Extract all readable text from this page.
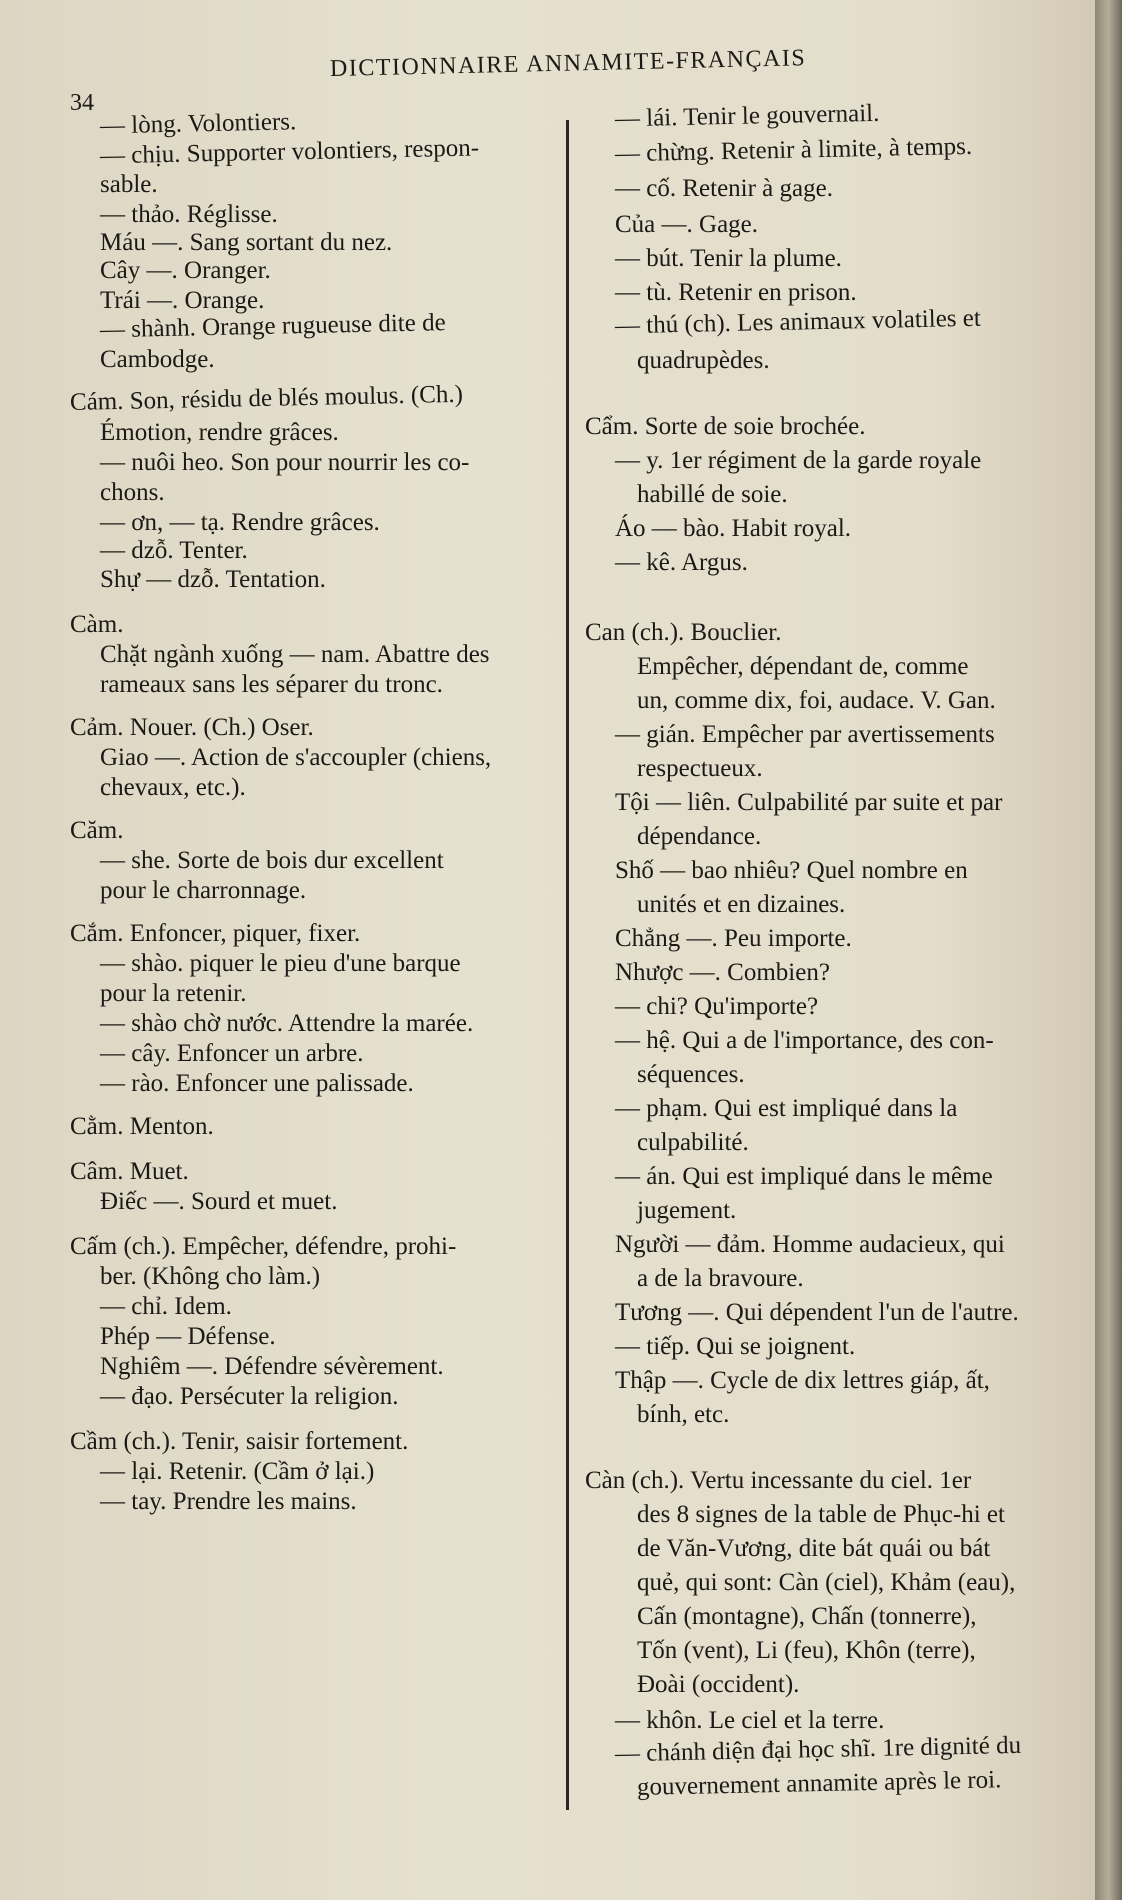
34
DICTIONNAIRE ANNAMITE-FRANÇAIS
— lòng. Volontiers.
— chịu. Supporter volontiers, respon-
sable.
— thảo. Réglisse.
Máu —. Sang sortant du nez.
Cây —. Oranger.
Trái —. Orange.
— shành. Orange rugueuse dite de
Cambodge.
Cám. Son, résidu de blés moulus. (Ch.)
Émotion, rendre grâces.
— nuôi heo. Son pour nourrir les co-
chons.
— ơn, — tạ. Rendre grâces.
— dzỗ. Tenter.
Shự — dzỗ. Tentation.
Càm.
Chặt ngành xuống — nam. Abattre des
rameaux sans les séparer du tronc.
Cảm. Nouer. (Ch.) Oser.
Giao —. Action de s'accoupler (chiens,
chevaux, etc.).
Căm.
— she. Sorte de bois dur excellent
pour le charronnage.
Cắm. Enfoncer, piquer, fixer.
— shào. piquer le pieu d'une barque
pour la retenir.
— shào chờ nước. Attendre la marée.
— cây. Enfoncer un arbre.
— rào. Enfoncer une palissade.
Cằm. Menton.
Câm. Muet.
Điếc —. Sourd et muet.
Cấm (ch.). Empêcher, défendre, prohi-
ber. (Không cho làm.)
— chỉ. Idem.
Phép — Défense.
Nghiêm —. Défendre sévèrement.
— đạo. Persécuter la religion.
Cầm (ch.). Tenir, saisir fortement.
— lại. Retenir. (Cầm ở lại.)
— tay. Prendre les mains.
— lái. Tenir le gouvernail.
— chừng. Retenir à limite, à temps.
— cố. Retenir à gage.
Của —. Gage.
— bút. Tenir la plume.
— tù. Retenir en prison.
— thú (ch). Les animaux volatiles et
quadrupèdes.
Cẩm. Sorte de soie brochée.
— y. 1er régiment de la garde royale
habillé de soie.
Áo — bào. Habit royal.
— kê. Argus.
Can (ch.). Bouclier.
Empêcher, dépendant de, comme
un, comme dix, foi, audace. V. Gan.
— gián. Empêcher par avertissements
respectueux.
Tội — liên. Culpabilité par suite et par
dépendance.
Shố — bao nhiêu? Quel nombre en
unités et en dizaines.
Chẳng —. Peu importe.
Nhược —. Combien?
— chi? Qu'importe?
— hệ. Qui a de l'importance, des con-
séquences.
— phạm. Qui est impliqué dans la
culpabilité.
— án. Qui est impliqué dans le même
jugement.
Người — đảm. Homme audacieux, qui
a de la bravoure.
Tương —. Qui dépendent l'un de l'autre.
— tiếp. Qui se joignent.
Thập —. Cycle de dix lettres giáp, ất,
bính, etc.
Càn (ch.). Vertu incessante du ciel. 1er
des 8 signes de la table de Phục-hi et
de Văn-Vương, dite bát quái ou bát
quẻ, qui sont: Càn (ciel), Khảm (eau),
Cấn (montagne), Chấn (tonnerre),
Tốn (vent), Li (feu), Khôn (terre),
Đoài (occident).
— khôn. Le ciel et la terre.
— chánh diện đại học shĩ. 1re dignité du
gouvernement annamite après le roi.
